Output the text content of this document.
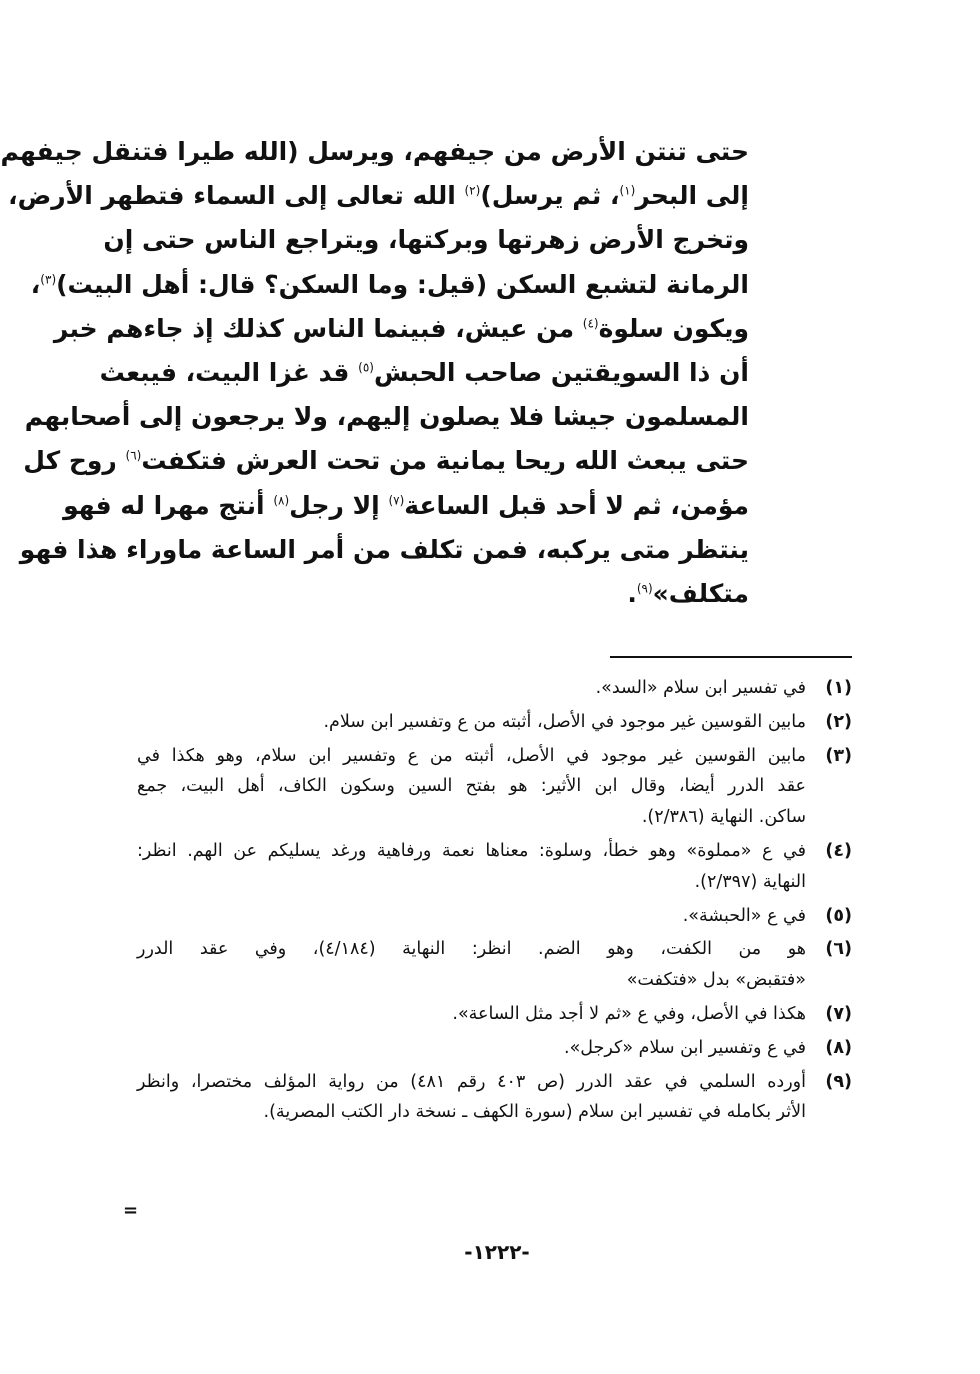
حتى تنتن الأرض من جيفهم، ويرسل (الله طيرا فتنقل جيفهم
إلى البحر$^{(١)}$، ثم يرسل)$^{(٢)}$ الله تعالى إلى السماء فتطهر الأرض،
وتخرج الأرض زهرتها وبركتها، ويتراجع الناس حتى إن
الرمانة لتشبع السكن (قيل: وما السكن؟ قال: أهل البيت)$^{(٣)}$،
ويكون سلوة$^{(٤)}$ من عيش، فبينما الناس كذلك إذ جاءهم خبر
أن ذا السويقتين صاحب الحبش$^{(٥)}$ قد غزا البيت، فيبعث
المسلمون جيشا فلا يصلون إليهم، ولا يرجعون إلى أصحابهم
حتى يبعث الله ريحا يمانية من تحت العرش فتكفت$^{(٦)}$ روح كل
مؤمن، ثم لا أحد قبل الساعة$^{(٧)}$ إلا رجل$^{(٨)}$ أنتج مهرا له فهو
ينتظر متى يركبه، فمن تكلف من أمر الساعة ماوراء هذا فهو
متكلف»$^{(٩)}$.
(١)
في تفسير ابن سلام «السد».
(٢)
مابين القوسين غير موجود في الأصل، أثبته من ع وتفسير ابن سلام.
(٣)
مابين القوسين غير موجود في الأصل، أثبته من ع وتفسير ابن سلام، وهو هكذا في
عقد الدرر أيضا، وقال ابن الأثير: هو بفتح السين وسكون الكاف، أهل البيت، جمع
ساكن. النهاية (٢/٣٨٦).
(٤)
في ع «مملوة» وهو خطأ، وسلوة: معناها نعمة ورفاهية ورغد يسليكم عن الهم. انظر:
النهاية (٢/٣٩٧).
(٥)
في ع «الحبشة».
(٦)
هو من الكفت، وهو الضم. انظر: النهاية (٤/١٨٤)، وفي عقد الدرر
«فتقبض» بدل «فتكفت»
(٧)
هكذا في الأصل، وفي ع «ثم لا أجد مثل الساعة».
(٨)
في ع وتفسير ابن سلام «كرجل».
(٩)
أورده السلمي في عقد الدرر (ص ٤٠٣ رقم ٤٨١) من رواية المؤلف مختصرا، وانظر
الأثر بكامله في تفسير ابن سلام (سورة الكهف ـ نسخة دار الكتب المصرية).
=
-١٢٢٢-
